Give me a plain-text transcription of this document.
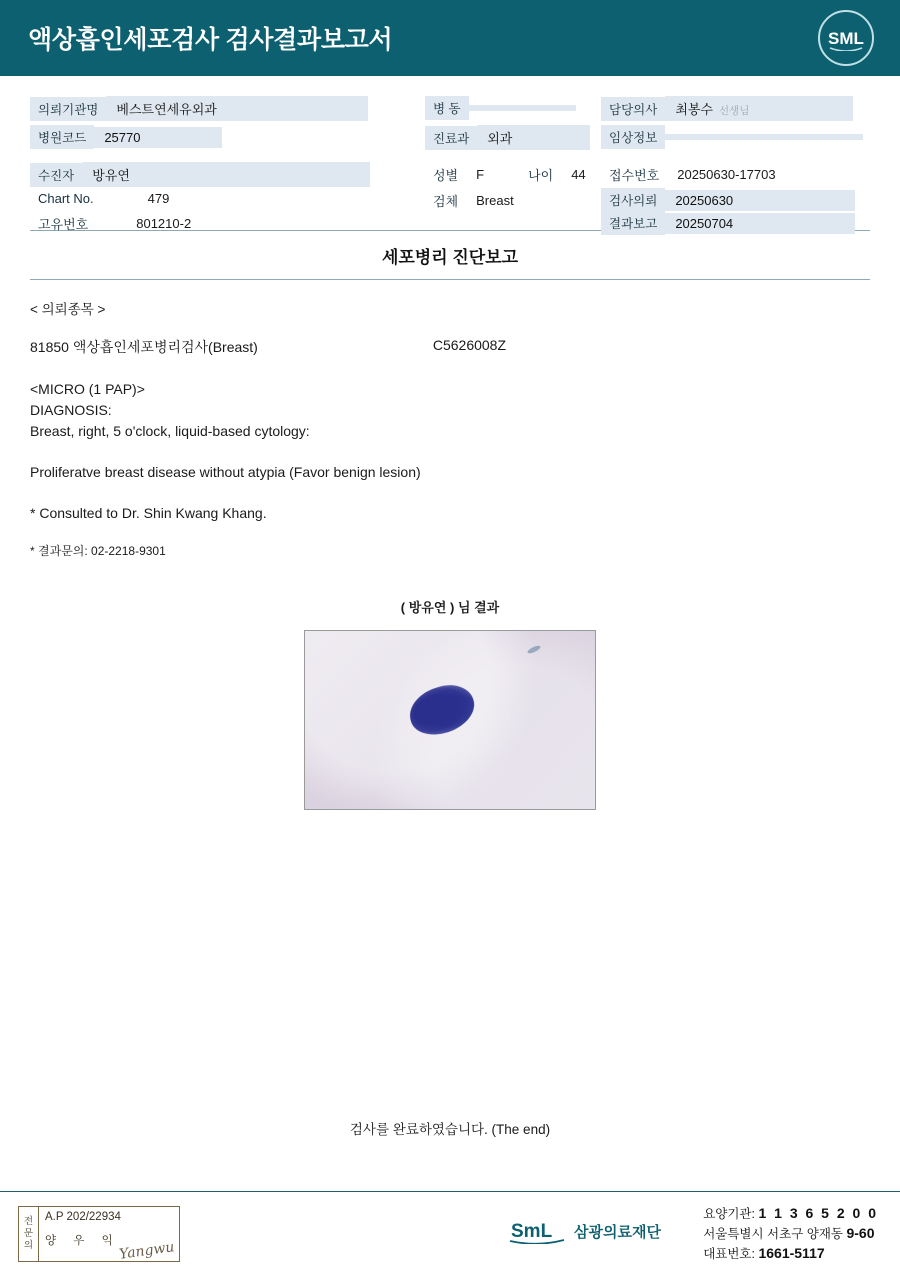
액상흡인세포검사 검사결과보고서	SML
의뢰기관명	베스트연세유외과
병원코드	25770
수진자	방유연
Chart No.	479
고유번호	801210-2
병 동
진료과	외과
성별	F	나이	44
검체	Breast
담당의사	최봉수 선생님
임상정보
접수번호	20250630-17703
검사의뢰	20250630
결과보고	20250704
세포병리 진단보고
< 의뢰종목 >
81850 액상흡인세포병리검사(Breast)	C5626008Z
<MICRO (1 PAP)>
DIAGNOSIS:
Breast, right, 5 o'clock, liquid-based cytology:
Proliferatve breast disease without atypia (Favor benign lesion)
* Consulted to Dr. Shin Kwang Khang.
* 결과문의: 02-2218-9301
( 방유연 ) 님 결과
검사를 완료하였습니다. (The end)
전
문
의
A.P 202/22934
양 우 익
Yangwu
SmL 삼광의료재단
요양기관: 1 1 3 6 5 2 0 0
서울특별시 서초구 양재동 9-60
대표번호: 1661-5117
